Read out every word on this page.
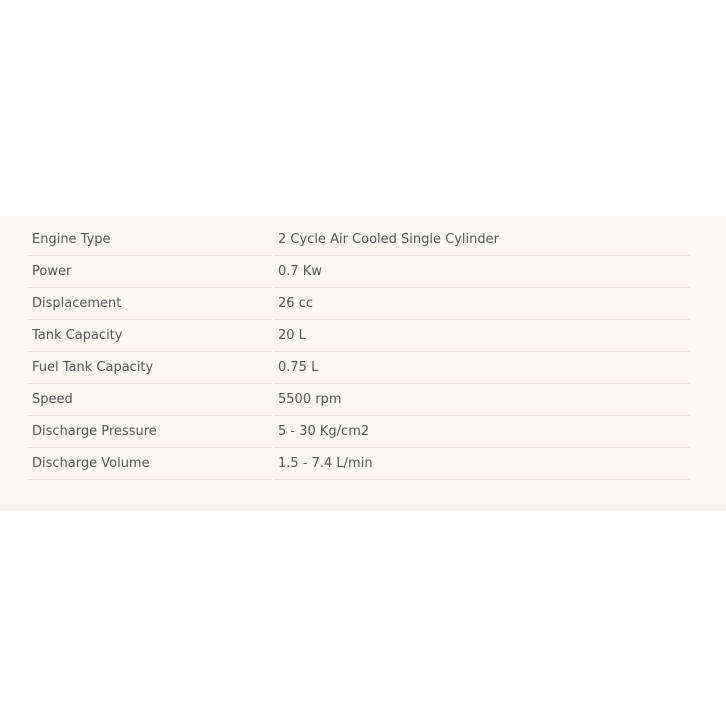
Engine Type		2 Cycle Air Cooled Single Cylinder
Power		0.7 Kw
Displacement		26 cc
Tank Capacity		20 L
Fuel Tank Capacity		0.75 L
Speed		5500 rpm
Discharge Pressure		5 - 30 Kg/cm2
Discharge Volume		1.5 - 7.4 L/min
